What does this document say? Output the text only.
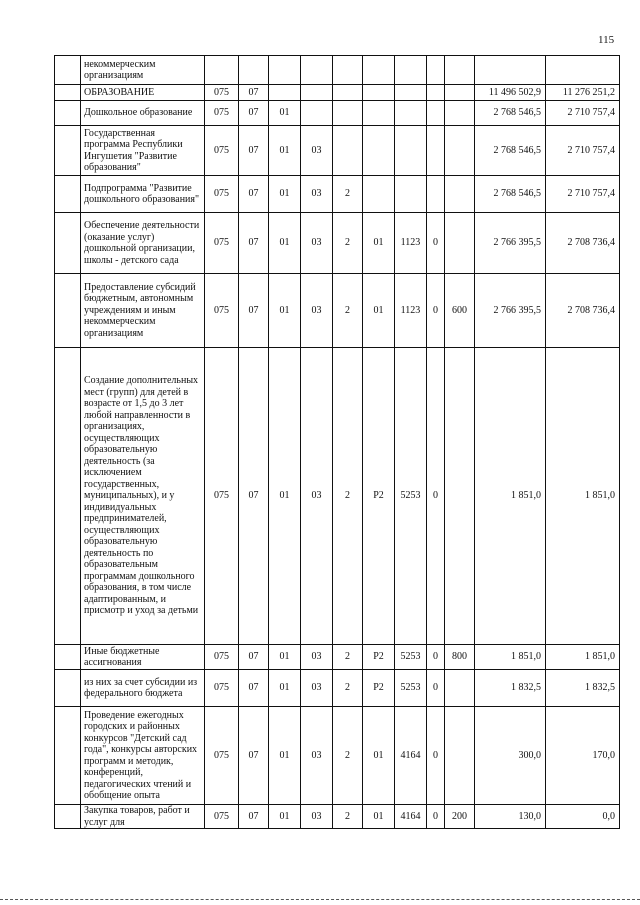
115
	некоммерческим организациям											
	ОБРАЗОВАНИЕ	075	07								11 496 502,9	11 276 251,2
	Дошкольное образование	075	07	01							2 768 546,5	2 710 757,4
	Государственная программа Республики Ингушетия "Развитие образования"	075	07	01	03						2 768 546,5	2 710 757,4
	Подпрограмма "Развитие дошкольного образования"	075	07	01	03	2					2 768 546,5	2 710 757,4
	Обеспечение деятельности (оказание услуг) дошкольной организации, школы - детского сада	075	07	01	03	2	01	1123	0		2 766 395,5	2 708 736,4
	Предоставление субсидий бюджетным, автономным учреждениям и иным некоммерческим организациям	075	07	01	03	2	01	1123	0	600	2 766 395,5	2 708 736,4
	Создание дополнительных мест (групп) для детей в возрасте от 1,5 до 3 лет любой направленности в организациях, осуществляющих образовательную деятельность (за исключением государственных, муниципальных), и у индивидуальных предпринимателей, осуществляющих образовательную деятельность по образовательным программам дошкольного образования, в том числе адаптированным, и присмотр и уход за детьми	075	07	01	03	2	P2	5253	0		1 851,0	1 851,0
	Иные бюджетные ассигнования	075	07	01	03	2	P2	5253	0	800	1 851,0	1 851,0
	из них за счет субсидии из федерального бюджета	075	07	01	03	2	P2	5253	0		1 832,5	1 832,5
	Проведение ежегодных городских и районных конкурсов "Детский сад года", конкурсы авторских программ и методик, конференций, педагогических чтений и обобщение опыта	075	07	01	03	2	01	4164	0		300,0	170,0
	Закупка товаров, работ и услуг для	075	07	01	03	2	01	4164	0	200	130,0	0,0
